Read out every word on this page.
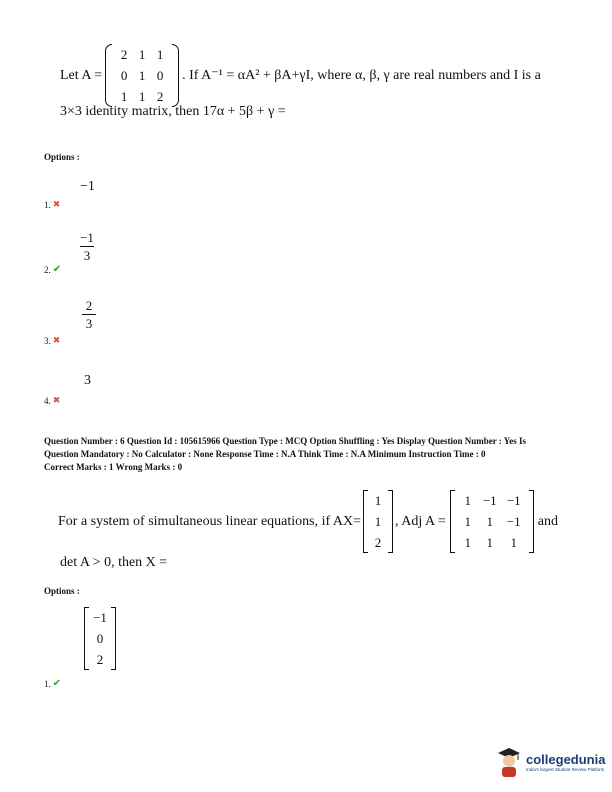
Let A =
2 1 1
0 1 0
1 1 2
. If A⁻¹ = αA² + βA+γI, where α, β, γ are real numbers and I is a
3×3 identity matrix, then 17α + 5β + γ =
Options :
−1
1. ✖
−1
3
2. ✔
2
3
3. ✖
3
4. ✖
Question Number : 6 Question Id : 105615966 Question Type : MCQ Option Shuffling : Yes Display Question Number : Yes Is
Question Mandatory : No Calculator : None Response Time : N.A Think Time : N.A Minimum Instruction Time : 0
Correct Marks : 1 Wrong Marks : 0
For a system of simultaneous linear equations, if AX=
1
1
2
, Adj A =
1 −1 −1
1	1	−1
1	1	1
and
det A > 0, then X =
Options :
−1
0
2
1. ✔
collegedunia
India's largest Student Review Platform
